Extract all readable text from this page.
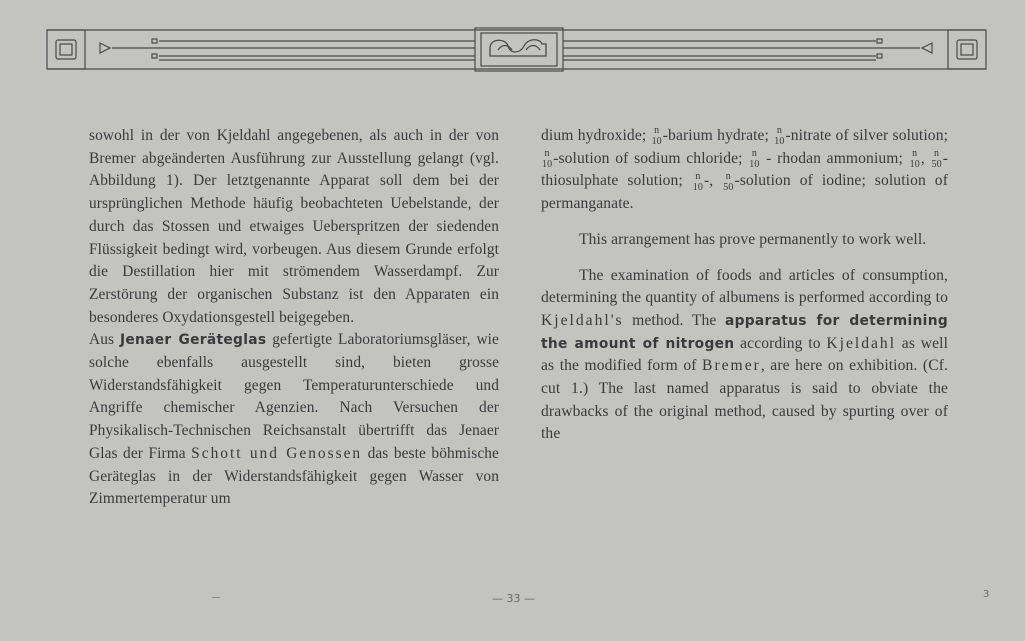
sowohl in der von Kjeldahl angegebenen, als auch in der von Bremer abgeänderten Ausführung zur Ausstellung gelangt (vgl. Abbildung 1). Der letztgenannte Apparat soll dem bei der ursprünglichen Methode häufig beobachteten Uebelstande, der durch das Stossen und etwaiges Ueberspritzen der siedenden Flüssigkeit bedingt wird, vorbeugen. Aus diesem Grunde erfolgt die Destillation hier mit strömendem Wasserdampf. Zur Zerstörung der organischen Substanz ist den Apparaten ein besonderes Oxydationsgestell beigegeben.

Aus Jenaer Geräteglas gefertigte Laboratoriumsgläser, wie solche ebenfalls ausgestellt sind, bieten grosse Widerstandsfähigkeit gegen Temperaturunterschiede und Angriffe chemischer Agenzien. Nach Versuchen der Physikalisch-Technischen Reichsanstalt übertrifft das Jenaer Glas der Firma Schott und Genossen das beste böhmische Geräteglas in der Widerstandsfähigkeit gegen Wasser von Zimmertemperatur um

dium hydroxide; n
10 -barium hydrate; n
10 -nitrate of silver solution;
n
10 -solution of sodium chloride; n
10 - rhodan ammonium; n
10 , n
50 -thiosulphate solution; n
10 -, n
50 -solution of iodine; solution of permanganate.

This arrangement has prove permanently to work well.

The examination of foods and articles of consumption, determining the quantity of albumens is performed according to Kjeldahl's method. The apparatus for determining the amount of nitrogen according to Kjeldahl as well as the modified form of Bremer, are here on exhibition. (Cf. cut 1.) The last named apparatus is said to obviate the drawbacks of the original method, caused by spurting over of the

— 33 —	3
